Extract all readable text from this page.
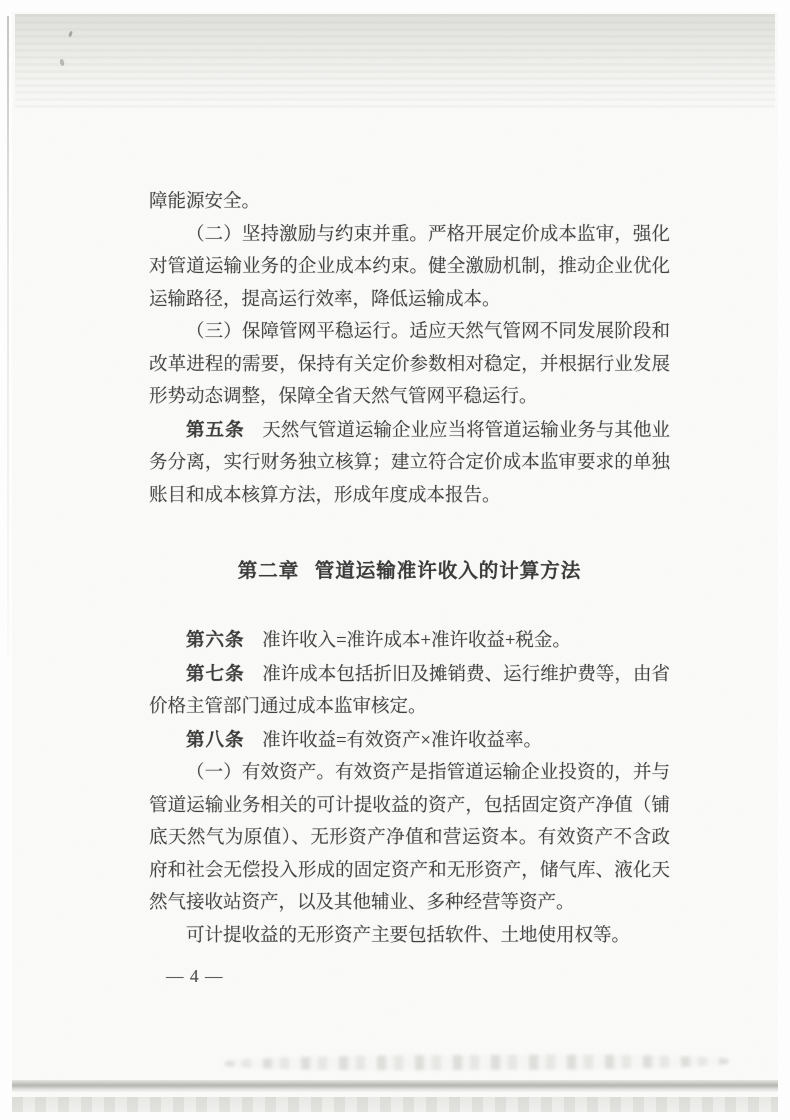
障能源安全。

（二）坚持激励与约束并重。严格开展定价成本监审，强化对管道运输业务的企业成本约束。健全激励机制，推动企业优化运输路径，提高运行效率，降低运输成本。

（三）保障管网平稳运行。适应天然气管网不同发展阶段和改革进程的需要，保持有关定价参数相对稳定，并根据行业发展形势动态调整，保障全省天然气管网平稳运行。

第五条 天然气管道运输企业应当将管道运输业务与其他业务分离，实行财务独立核算；建立符合定价成本监审要求的单独账目和成本核算方法，形成年度成本报告。

第二章 管道运输准许收入的计算方法

第六条 准许收入=准许成本+准许收益+税金。

第七条 准许成本包括折旧及摊销费、运行维护费等，由省价格主管部门通过成本监审核定。

第八条 准许收益=有效资产×准许收益率。

（一）有效资产。有效资产是指管道运输企业投资的，并与管道运输业务相关的可计提收益的资产，包括固定资产净值（铺底天然气为原值）、无形资产净值和营运资本。有效资产不含政府和社会无偿投入形成的固定资产和无形资产，储气库、液化天然气接收站资产，以及其他辅业、多种经营等资产。

可计提收益的无形资产主要包括软件、土地使用权等。

— 4 —
